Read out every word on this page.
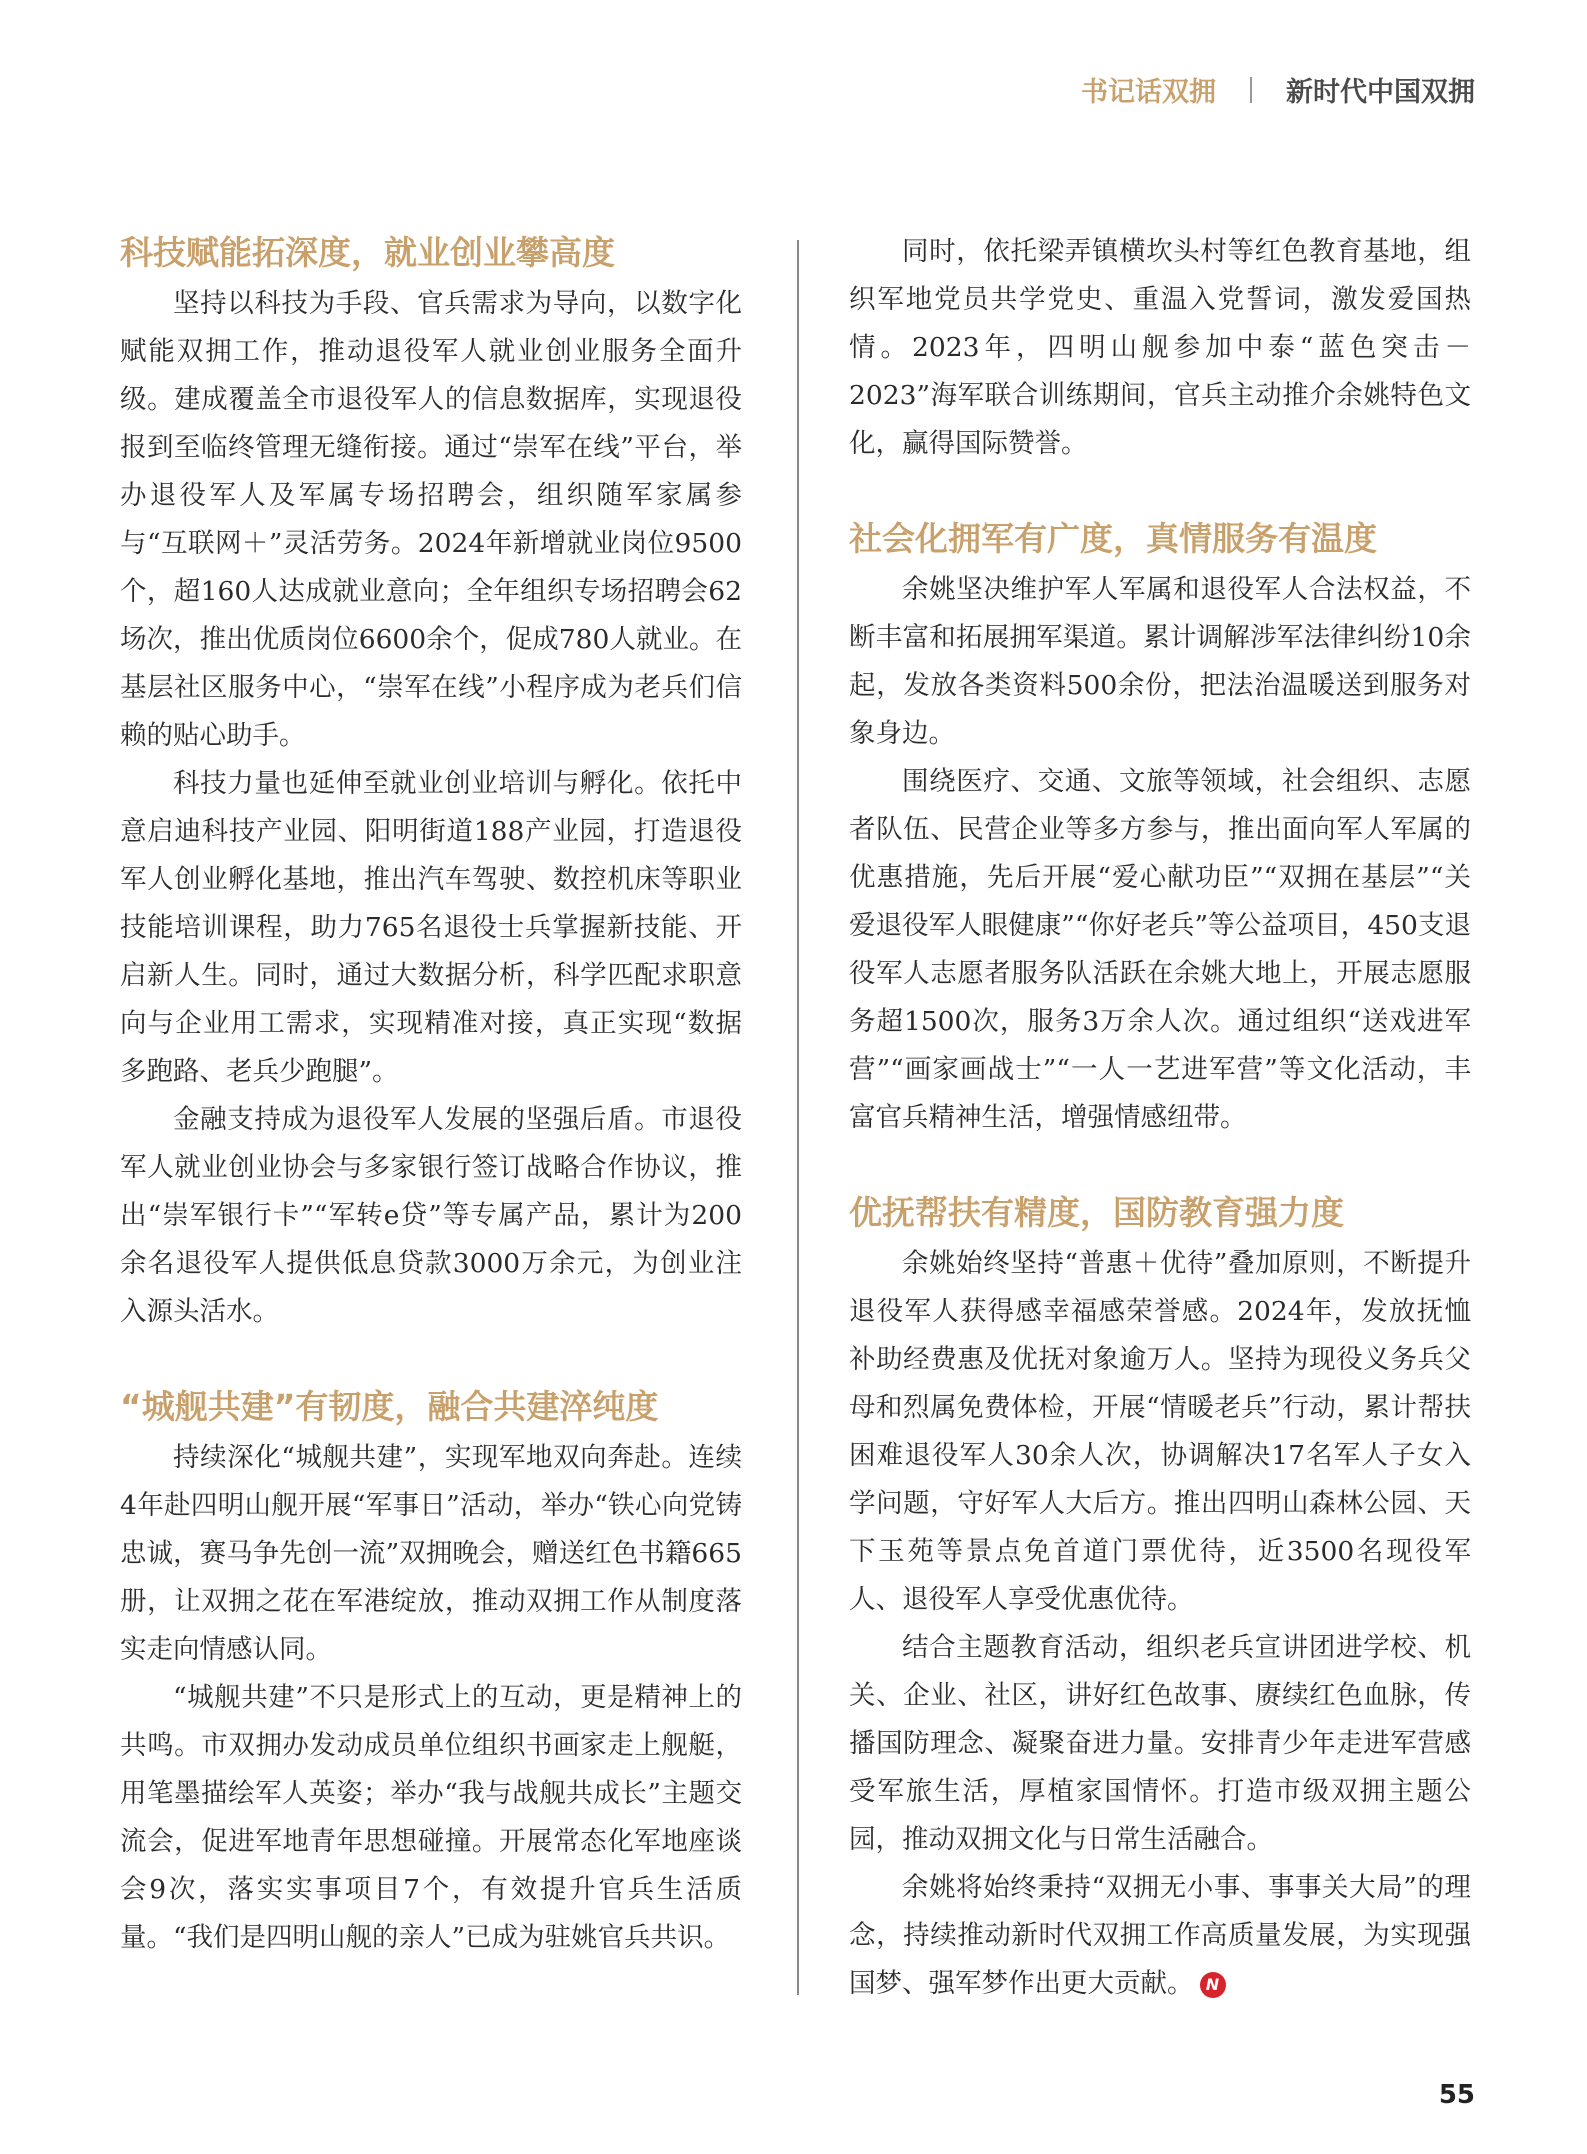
书记话双拥	新时代中国双拥
科技赋能拓深度，就业创业攀高度

坚持以科技为手段、官兵需求为导向，以数字化赋能双拥工作，推动退役军人就业创业服务全面升级。建成覆盖全市退役军人的信息数据库，实现退役报到至临终管理无缝衔接。通过“崇军在线”平台，举办退役军人及军属专场招聘会，组织随军家属参与“互联网＋”灵活劳务。2024年新增就业岗位9500个，超160人达成就业意向；全年组织专场招聘会62场次，推出优质岗位6600余个，促成780人就业。在基层社区服务中心，“崇军在线”小程序成为老兵们信赖的贴心助手。

科技力量也延伸至就业创业培训与孵化。依托中意启迪科技产业园、阳明街道188产业园，打造退役军人创业孵化基地，推出汽车驾驶、数控机床等职业技能培训课程，助力765名退役士兵掌握新技能、开启新人生。同时，通过大数据分析，科学匹配求职意向与企业用工需求，实现精准对接，真正实现“数据多跑路、老兵少跑腿”。

金融支持成为退役军人发展的坚强后盾。市退役军人就业创业协会与多家银行签订战略合作协议，推出“崇军银行卡”“军转e贷”等专属产品，累计为200余名退役军人提供低息贷款3000万余元，为创业注入源头活水。

“城舰共建”有韧度，融合共建淬纯度

持续深化“城舰共建”，实现军地双向奔赴。连续4年赴四明山舰开展“军事日”活动，举办“铁心向党铸忠诚，赛马争先创一流”双拥晚会，赠送红色书籍665册，让双拥之花在军港绽放，推动双拥工作从制度落实走向情感认同。

“城舰共建”不只是形式上的互动，更是精神上的共鸣。市双拥办发动成员单位组织书画家走上舰艇，用笔墨描绘军人英姿；举办“我与战舰共成长”主题交流会，促进军地青年思想碰撞。开展常态化军地座谈会9次，落实实事项目7个，有效提升官兵生活质量。“我们是四明山舰的亲人”已成为驻姚官兵共识。

同时，依托梁弄镇横坎头村等红色教育基地，组织军地党员共学党史、重温入党誓词，激发爱国热情。2023年，四明山舰参加中泰“蓝色突击－2023”海军联合训练期间，官兵主动推介余姚特色文化，赢得国际赞誉。

社会化拥军有广度，真情服务有温度

余姚坚决维护军人军属和退役军人合法权益，不断丰富和拓展拥军渠道。累计调解涉军法律纠纷10余起，发放各类资料500余份，把法治温暖送到服务对象身边。

围绕医疗、交通、文旅等领域，社会组织、志愿者队伍、民营企业等多方参与，推出面向军人军属的优惠措施，先后开展“爱心献功臣”“双拥在基层”“关爱退役军人眼健康”“你好老兵”等公益项目，450支退役军人志愿者服务队活跃在余姚大地上，开展志愿服务超1500次，服务3万余人次。通过组织“送戏进军营”“画家画战士”“一人一艺进军营”等文化活动，丰富官兵精神生活，增强情感纽带。

优抚帮扶有精度，国防教育强力度

余姚始终坚持“普惠＋优待”叠加原则，不断提升退役军人获得感幸福感荣誉感。2024年，发放抚恤补助经费惠及优抚对象逾万人。坚持为现役义务兵父母和烈属免费体检，开展“情暖老兵”行动，累计帮扶困难退役军人30余人次，协调解决17名军人子女入学问题，守好军人大后方。推出四明山森林公园、天下玉苑等景点免首道门票优待，近3500名现役军人、退役军人享受优惠优待。

结合主题教育活动，组织老兵宣讲团进学校、机关、企业、社区，讲好红色故事、赓续红色血脉，传播国防理念、凝聚奋进力量。安排青少年走进军营感受军旅生活，厚植家国情怀。打造市级双拥主题公园，推动双拥文化与日常生活融合。

余姚将始终秉持“双拥无小事、事事关大局”的理念，持续推动新时代双拥工作高质量发展，为实现强国梦、强军梦作出更大贡献。 N

55
